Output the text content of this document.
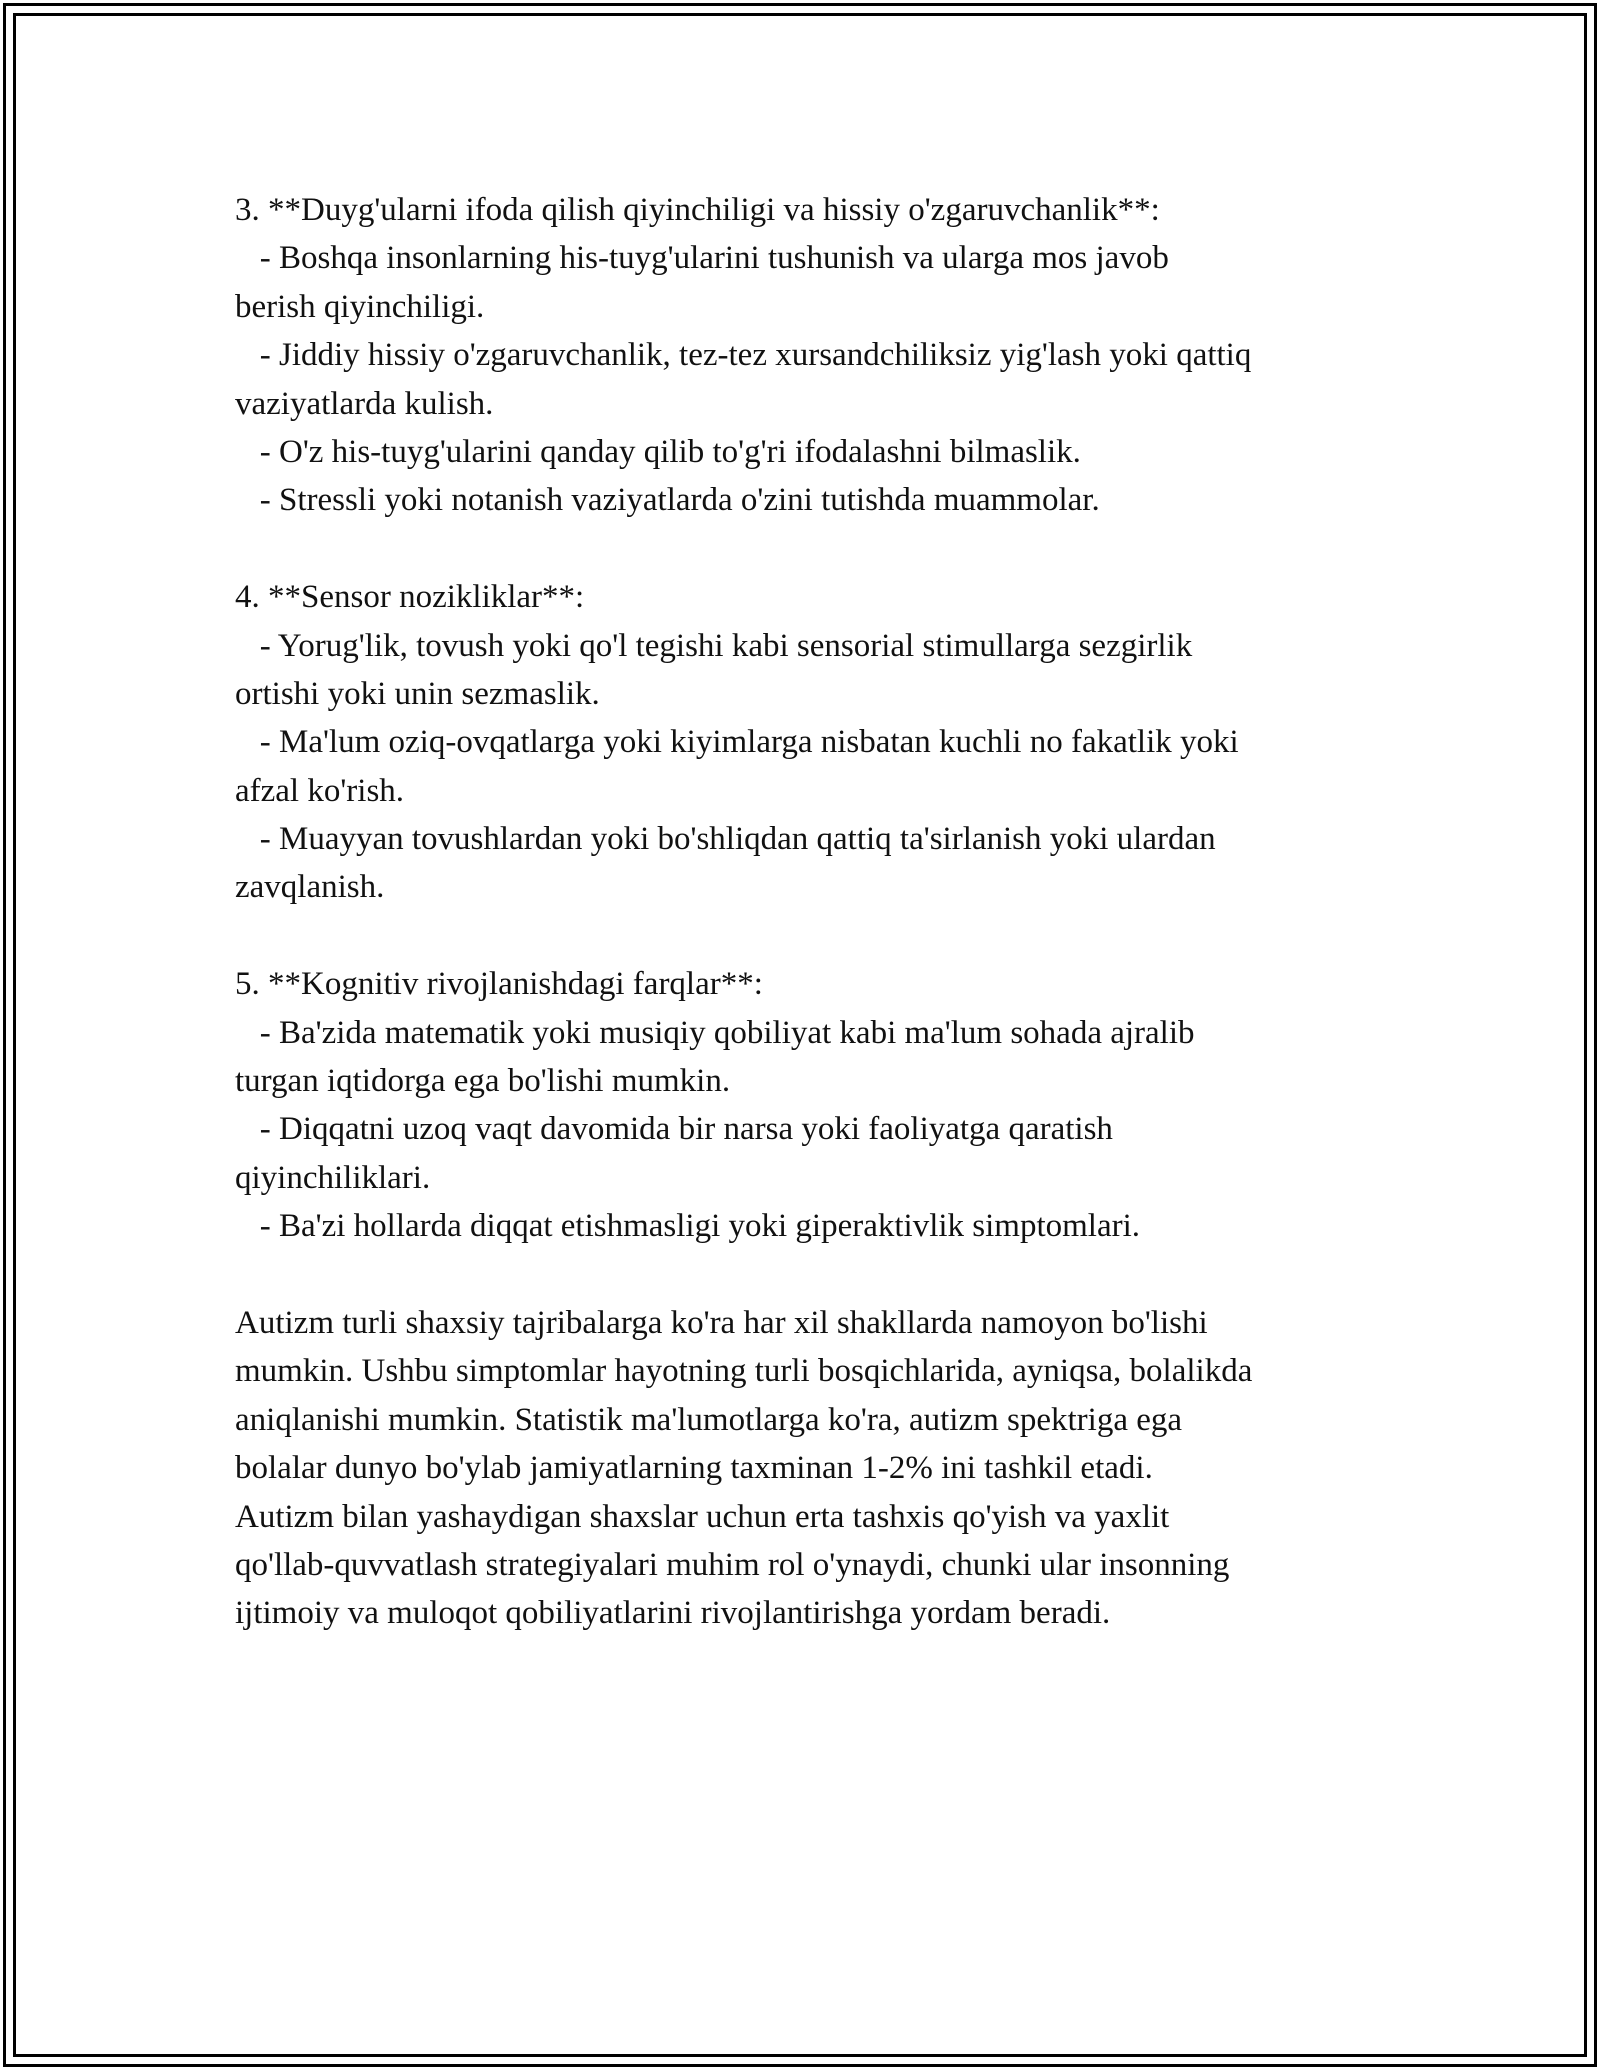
3. **Duyg'ularni ifoda qilish qiyinchiligi va hissiy o'zgaruvchanlik**:
- Boshqa insonlarning his-tuyg'ularini tushunish va ularga mos javob
berish qiyinchiligi.
- Jiddiy hissiy o'zgaruvchanlik, tez-tez xursandchiliksiz yig'lash yoki qattiq
vaziyatlarda kulish.
- O'z his-tuyg'ularini qanday qilib to'g'ri ifodalashni bilmaslik.
- Stressli yoki notanish vaziyatlarda o'zini tutishda muammolar.
4. **Sensor nozikliklar**:
- Yorug'lik, tovush yoki qo'l tegishi kabi sensorial stimullarga sezgirlik
ortishi yoki unin sezmaslik.
- Ma'lum oziq-ovqatlarga yoki kiyimlarga nisbatan kuchli no fakatlik yoki
afzal ko'rish.
- Muayyan tovushlardan yoki bo'shliqdan qattiq ta'sirlanish yoki ulardan
zavqlanish.
5. **Kognitiv rivojlanishdagi farqlar**:
- Ba'zida matematik yoki musiqiy qobiliyat kabi ma'lum sohada ajralib
turgan iqtidorga ega bo'lishi mumkin.
- Diqqatni uzoq vaqt davomida bir narsa yoki faoliyatga qaratish
qiyinchiliklari.
- Ba'zi hollarda diqqat etishmasligi yoki giperaktivlik simptomlari.
Autizm turli shaxsiy tajribalarga ko'ra har xil shakllarda namoyon bo'lishi
mumkin. Ushbu simptomlar hayotning turli bosqichlarida, ayniqsa, bolalikda
aniqlanishi mumkin. Statistik ma'lumotlarga ko'ra, autizm spektriga ega
bolalar dunyo bo'ylab jamiyatlarning taxminan 1-2% ini tashkil etadi.
Autizm bilan yashaydigan shaxslar uchun erta tashxis qo'yish va yaxlit
qo'llab-quvvatlash strategiyalari muhim rol o'ynaydi, chunki ular insonning
ijtimoiy va muloqot qobiliyatlarini rivojlantirishga yordam beradi.
